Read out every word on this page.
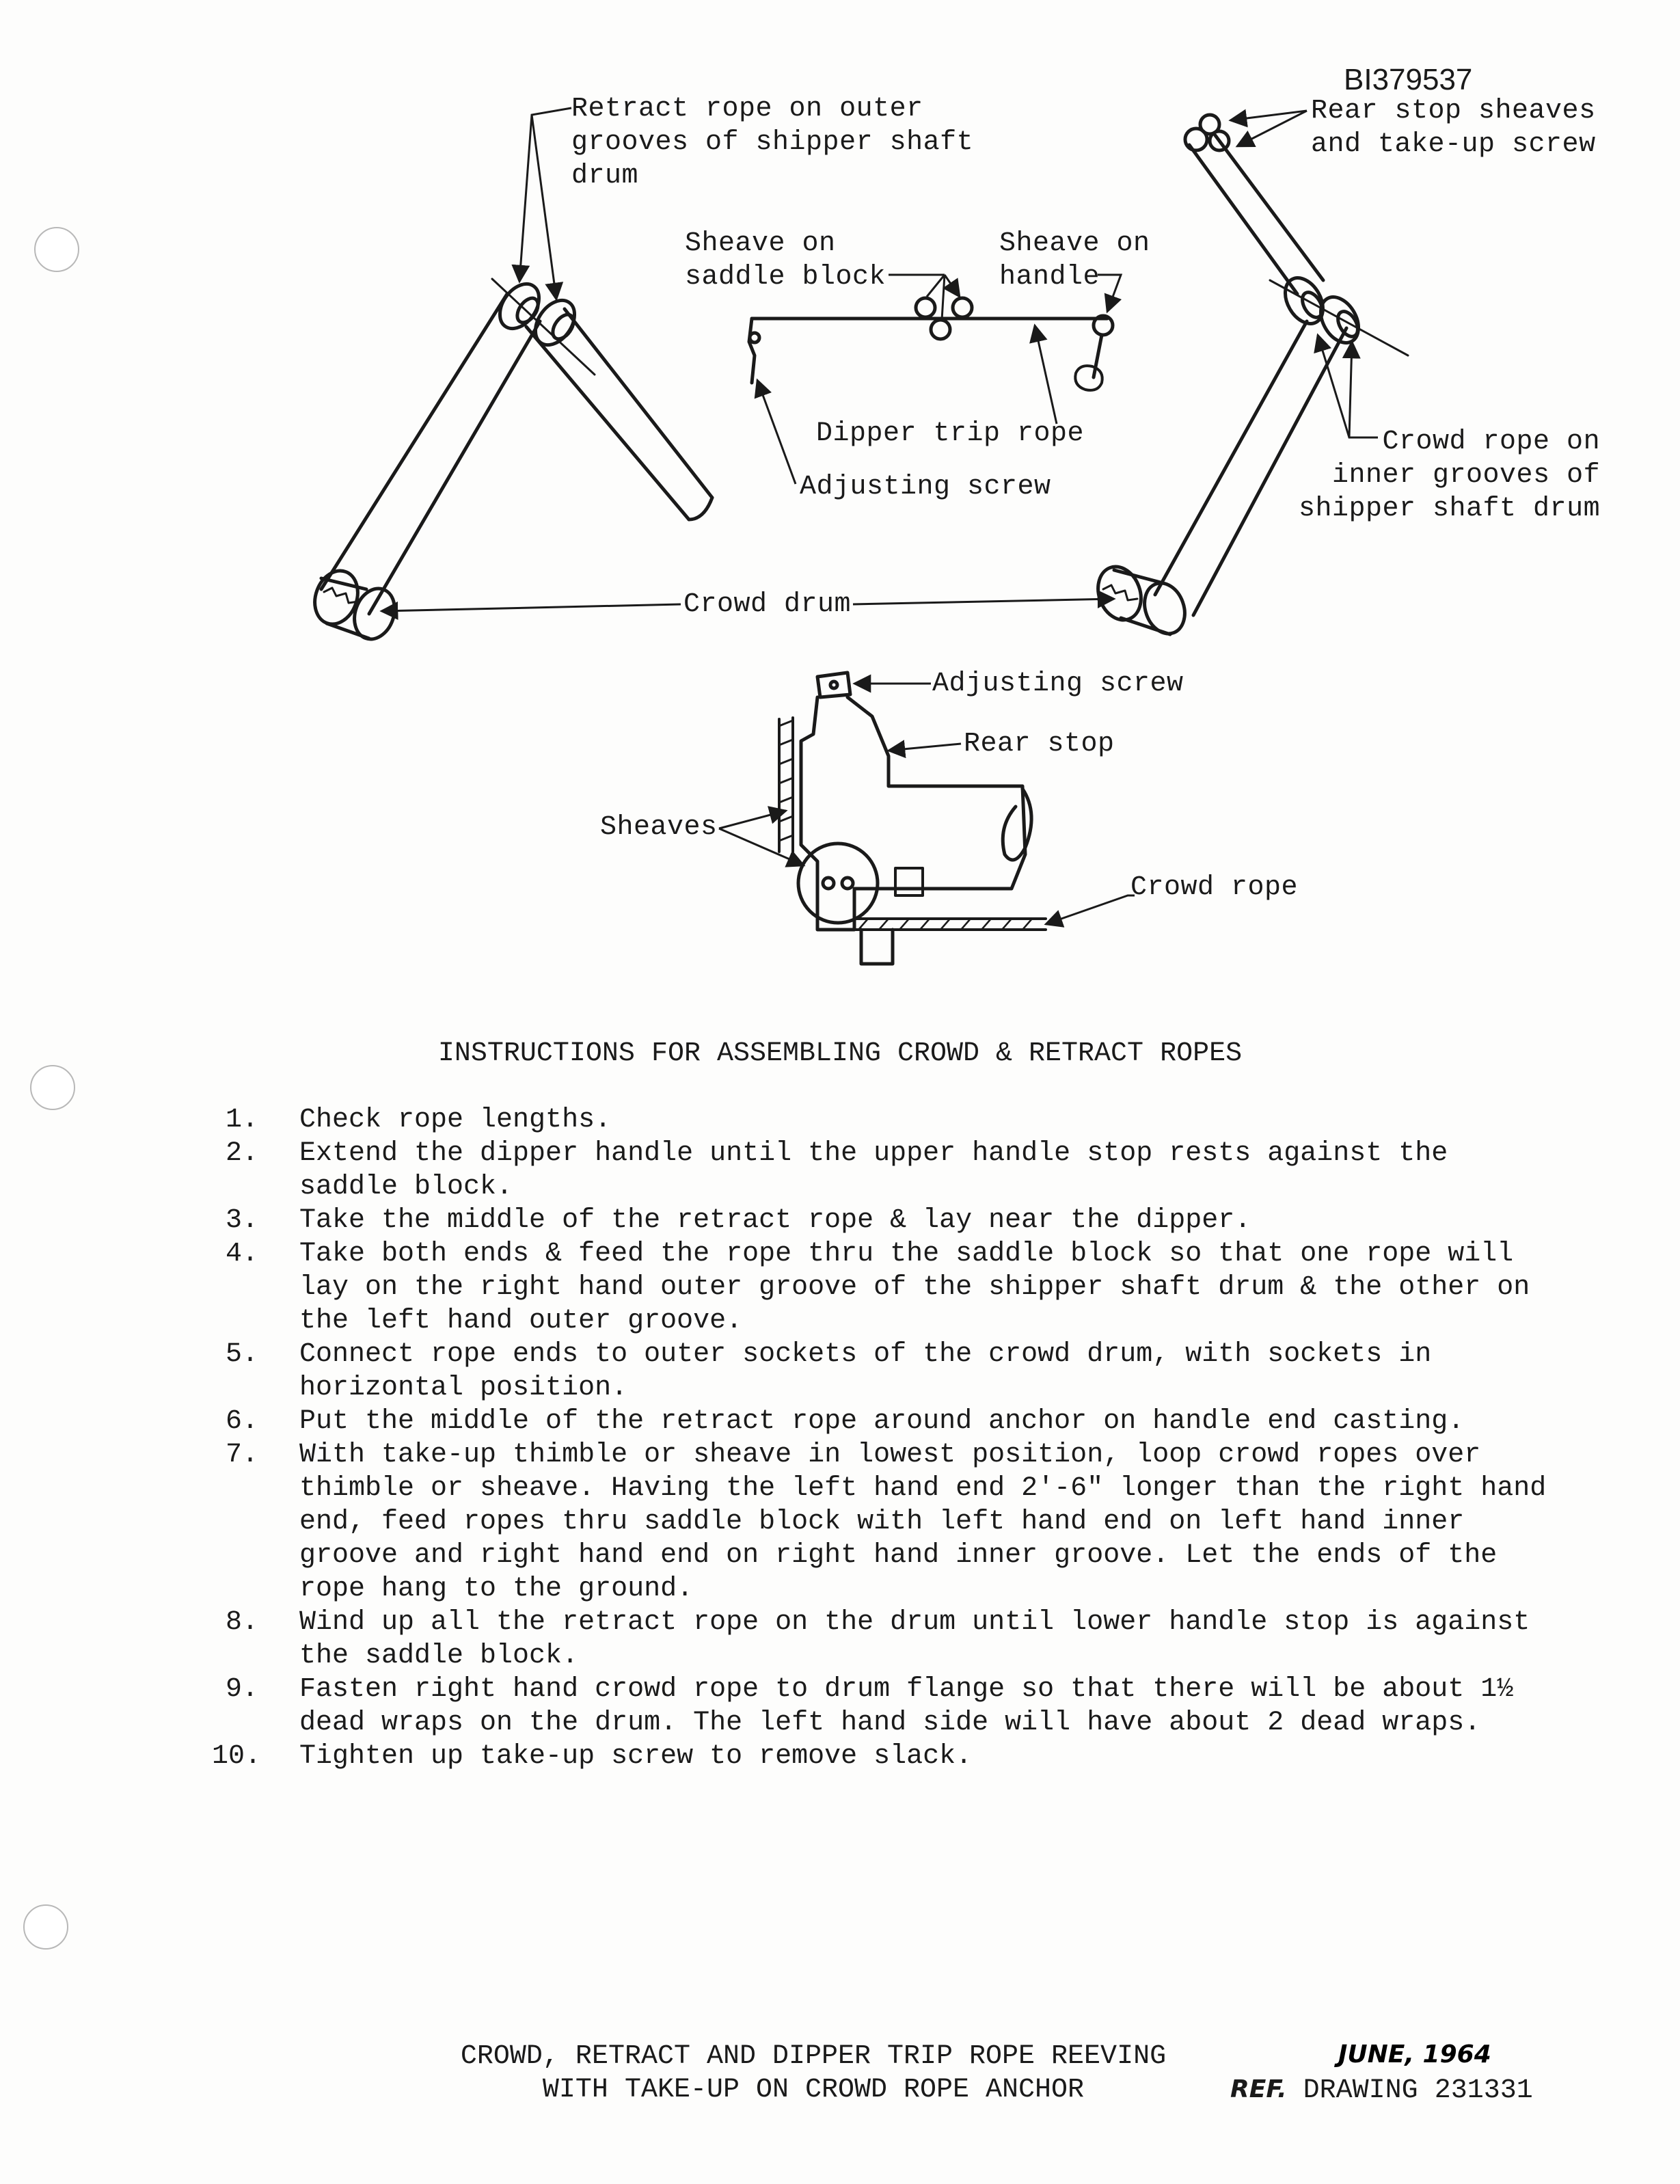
BI379537
Retract rope on outer
grooves of shipper shaft
drum
Rear stop sheaves
and take-up screw
Sheave on
saddle block
Sheave on
handle
Dipper trip rope
Adjusting screw
Crowd rope on
inner grooves of
shipper shaft drum
Crowd drum
Adjusting screw
Rear stop
Sheaves
Crowd rope
INSTRUCTIONS FOR ASSEMBLING CROWD & RETRACT ROPES
1. Check rope lengths.
2. Extend the dipper handle until the upper handle stop rests against the saddle block.
3. Take the middle of the retract rope & lay near the dipper.
4. Take both ends & feed the rope thru the saddle block so that one rope will lay on the right hand outer groove of the shipper shaft drum & the other on the left hand outer groove.
5. Connect rope ends to outer sockets of the crowd drum, with sockets in horizontal position.
6. Put the middle of the retract rope around anchor on handle end casting.
7. With take-up thimble or sheave in lowest position, loop crowd ropes over thimble or sheave. Having the left hand end 2'-6" longer than the right hand end, feed ropes thru saddle block with left hand end on left hand inner groove and right hand end on right hand inner groove. Let the ends of the rope hang to the ground.
8. Wind up all the retract rope on the drum until lower handle stop is against the saddle block.
9. Fasten right hand crowd rope to drum flange so that there will be about 1½ dead wraps on the drum. The left hand side will have about 2 dead wraps.
10. Tighten up take-up screw to remove slack.
CROWD, RETRACT AND DIPPER TRIP ROPE REEVING
WITH TAKE-UP ON CROWD ROPE ANCHOR
JUNE, 1964
REF. DRAWING 231331
